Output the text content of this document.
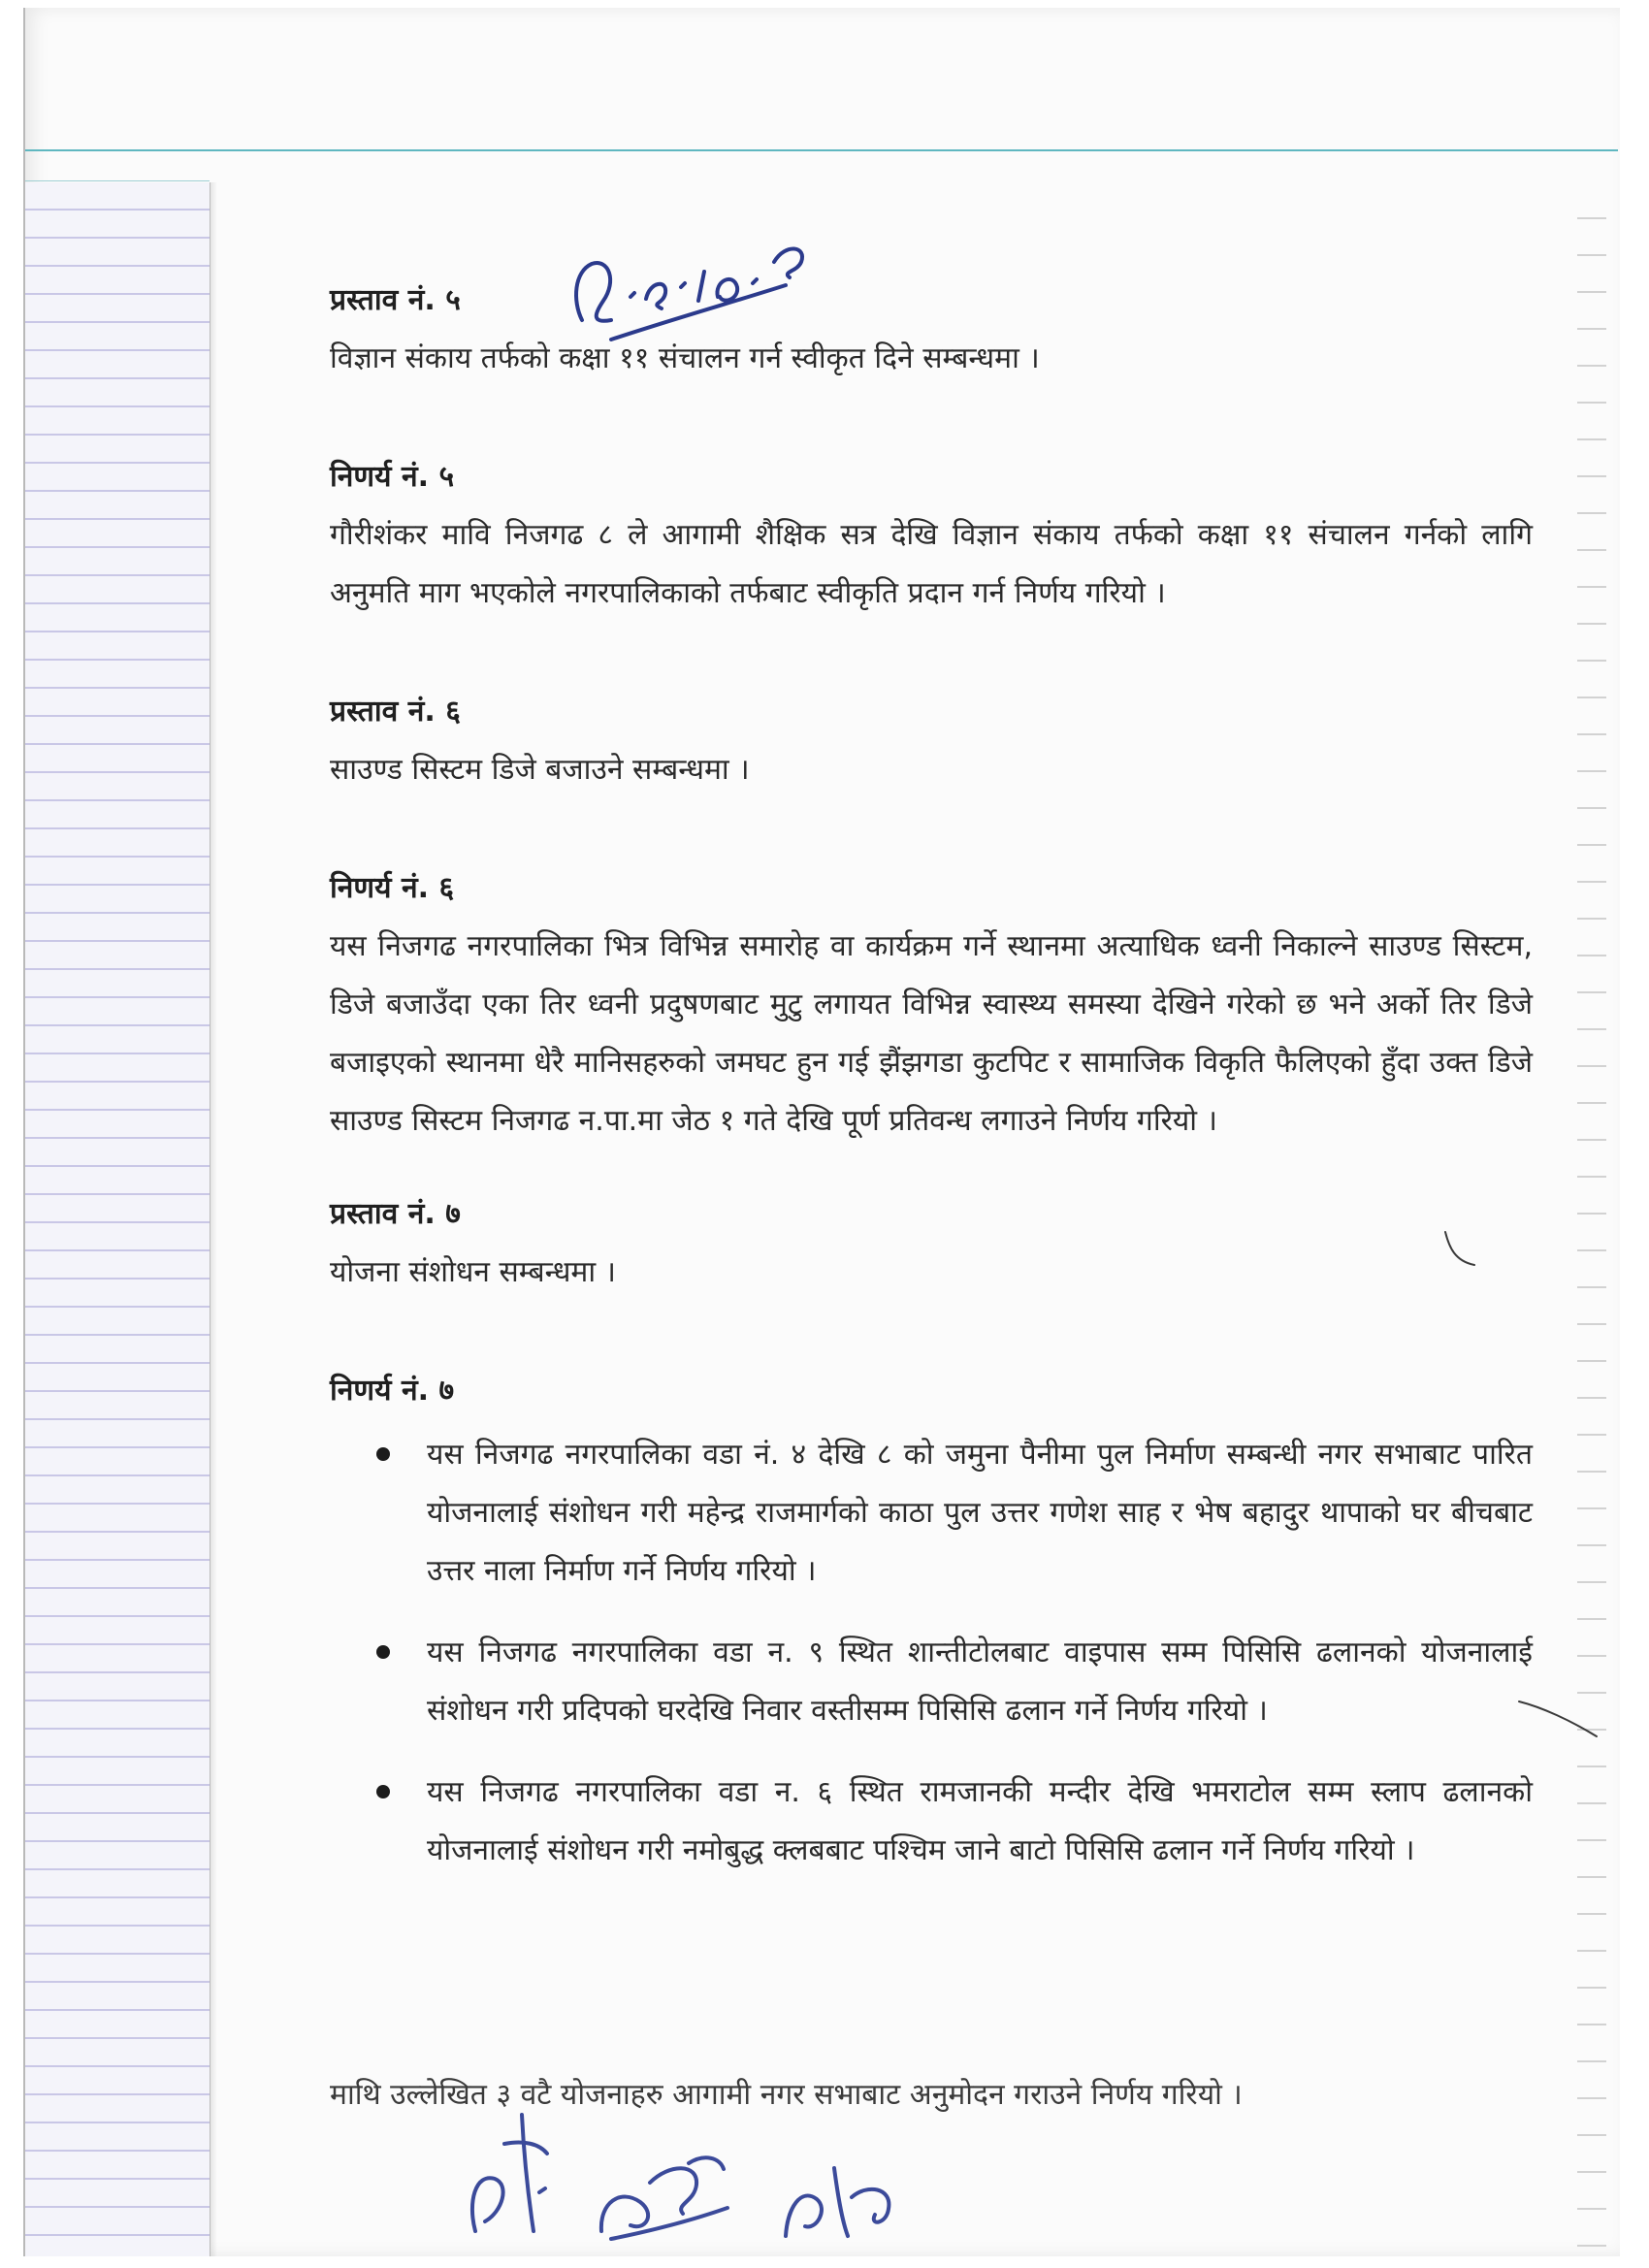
प्रस्ताव नं. ५

विज्ञान संकाय तर्फको कक्षा ११ संचालन गर्न स्वीकृत दिने सम्बन्धमा ।

निणर्य नं. ५

गौरीशंकर मावि निजगढ ८ ले आगामी शैक्षिक सत्र देखि विज्ञान संकाय तर्फको कक्षा ११ संचालन गर्नको लागि अनुमति माग भएकोले नगरपालिकाको तर्फबाट स्वीकृति प्रदान गर्न निर्णय गरियो ।

प्रस्ताव नं. ६

साउण्ड सिस्टम डिजे बजाउने सम्बन्धमा ।

निणर्य नं. ६

यस निजगढ नगरपालिका भित्र विभिन्न समारोह वा कार्यक्रम गर्ने स्थानमा अत्याधिक ध्वनी निकाल्ने साउण्ड सिस्टम, डिजे बजाउँदा एका तिर ध्वनी प्रदुषणबाट मुटु लगायत विभिन्न स्वास्थ्य समस्या देखिने गरेको छ भने अर्को तिर डिजे बजाइएको स्थानमा धेरै मानिसहरुको जमघट हुन गई झैंझगडा कुटपिट र सामाजिक विकृति फैलिएको हुँदा उक्त डिजे साउण्ड सिस्टम निजगढ न.पा.मा जेठ १ गते देखि पूर्ण प्रतिवन्ध लगाउने निर्णय गरियो ।

प्रस्ताव नं. ७

योजना संशोधन सम्बन्धमा ।

निणर्य नं. ७

यस निजगढ नगरपालिका वडा नं. ४ देखि ८ को जमुना पैनीमा पुल निर्माण सम्बन्धी नगर सभाबाट पारित योजनालाई संशोधन गरी महेन्द्र राजमार्गको काठा पुल उत्तर गणेश साह र भेष बहादुर थापाको घर बीचबाट उत्तर नाला निर्माण गर्ने निर्णय गरियो ।
यस निजगढ नगरपालिका वडा न. ९ स्थित शान्तीटोलबाट वाइपास सम्म पिसिसि ढलानको योजनालाई संशोधन गरी प्रदिपको घरदेखि निवार वस्तीसम्म पिसिसि ढलान गर्ने निर्णय गरियो ।
यस निजगढ नगरपालिका वडा न. ६ स्थित रामजानकी मन्दीर देखि भमराटोल सम्म स्लाप ढलानको योजनालाई संशोधन गरी नमोबुद्ध क्लबबाट पश्चिम जाने बाटो पिसिसि ढलान गर्ने निर्णय गरियो ।

माथि उल्लेखित ३ वटै योजनाहरु आगामी नगर सभाबाट अनुमोदन गराउने निर्णय गरियो ।
